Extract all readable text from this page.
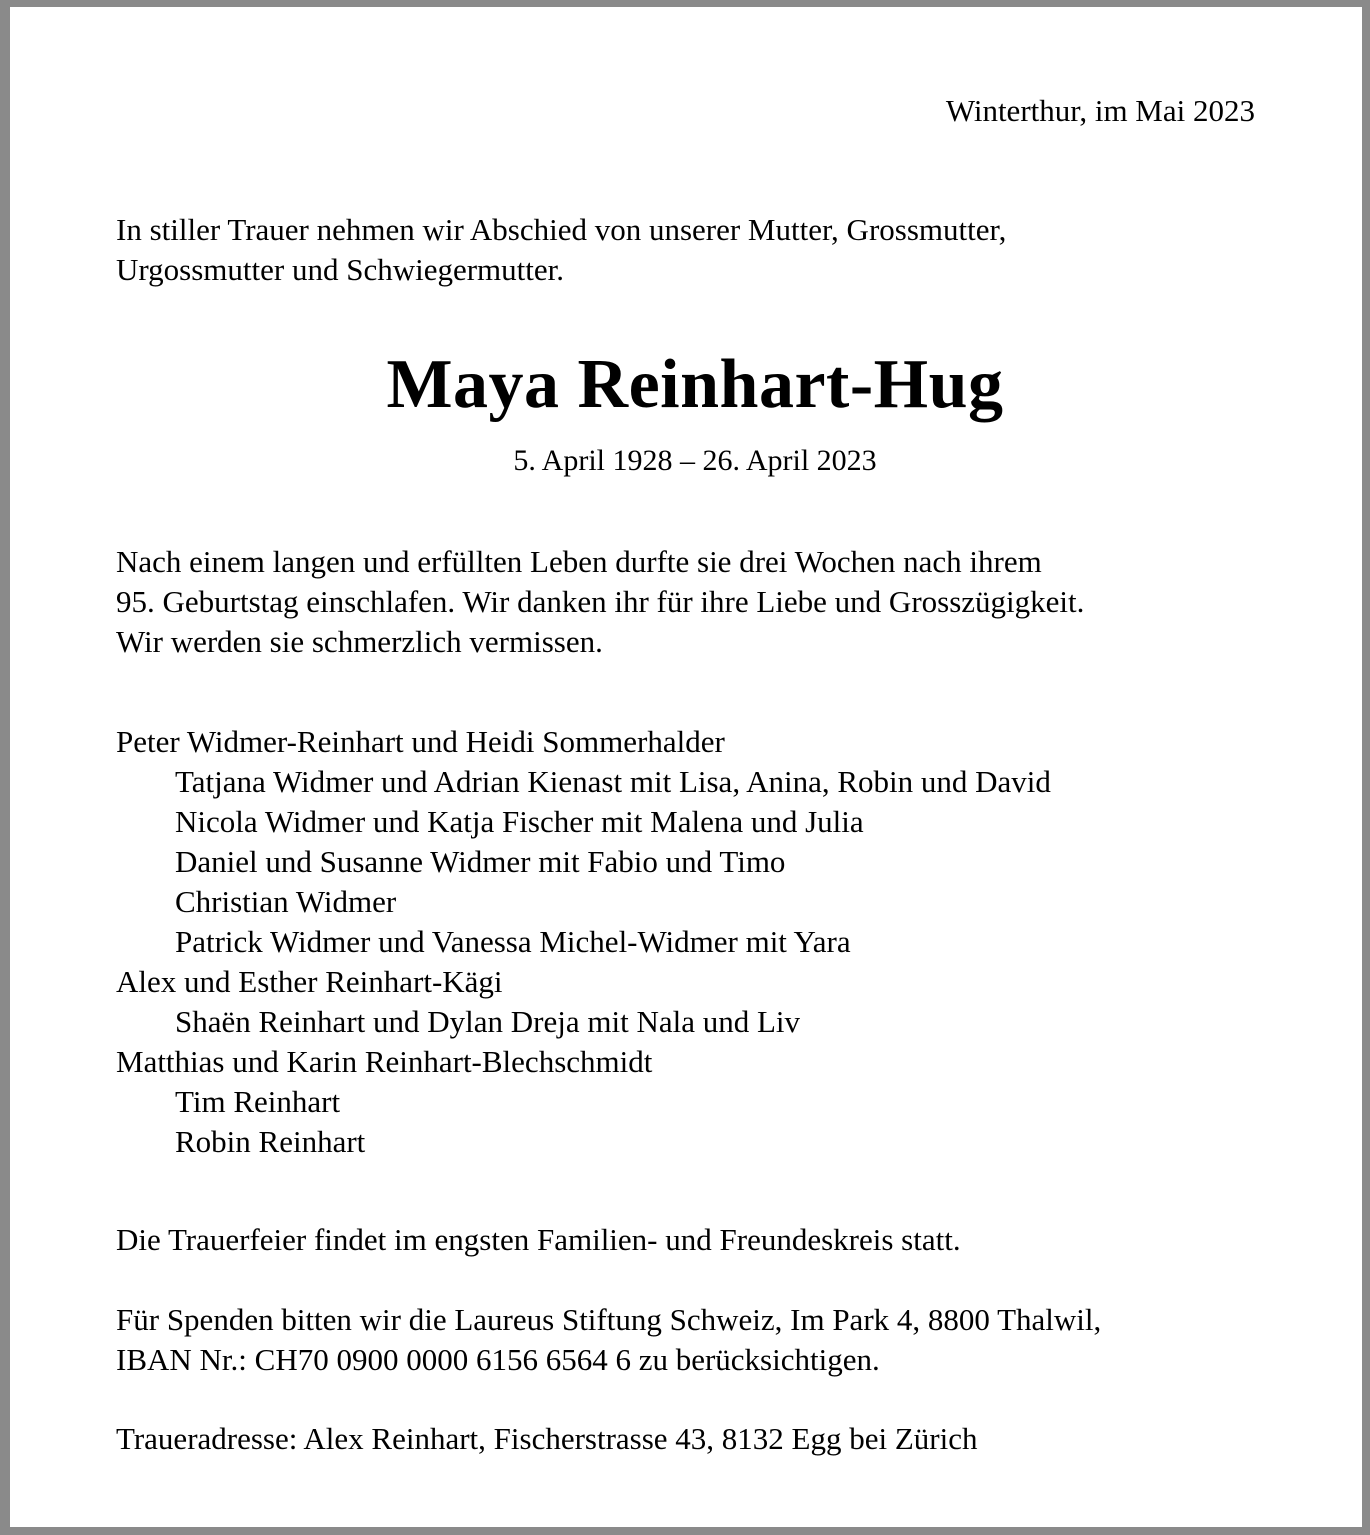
Winterthur, im Mai 2023

In stiller Trauer nehmen wir Abschied von unserer Mutter, Grossmutter,
Urgossmutter und Schwiegermutter.

Maya Reinhart-Hug

5. April 1928 – 26. April 2023

Nach einem langen und erfüllten Leben durfte sie drei Wochen nach ihrem
95. Geburtstag einschlafen. Wir danken ihr für ihre Liebe und Grosszügigkeit.
Wir werden sie schmerzlich vermissen.

Peter Widmer-Reinhart und Heidi Sommerhalder
Tatjana Widmer und Adrian Kienast mit Lisa, Anina, Robin und David
Nicola Widmer und Katja Fischer mit Malena und Julia
Daniel und Susanne Widmer mit Fabio und Timo
Christian Widmer
Patrick Widmer und Vanessa Michel-Widmer mit Yara
Alex und Esther Reinhart-Kägi
Shaën Reinhart und Dylan Dreja mit Nala und Liv
Matthias und Karin Reinhart-Blechschmidt
Tim Reinhart
Robin Reinhart

Die Trauerfeier findet im engsten Familien- und Freundeskreis statt.

Für Spenden bitten wir die Laureus Stiftung Schweiz, Im Park 4, 8800 Thalwil,
IBAN Nr.: CH70 0900 0000 6156 6564 6 zu berücksichtigen.

Traueradresse: Alex Reinhart, Fischerstrasse 43, 8132 Egg bei Zürich
